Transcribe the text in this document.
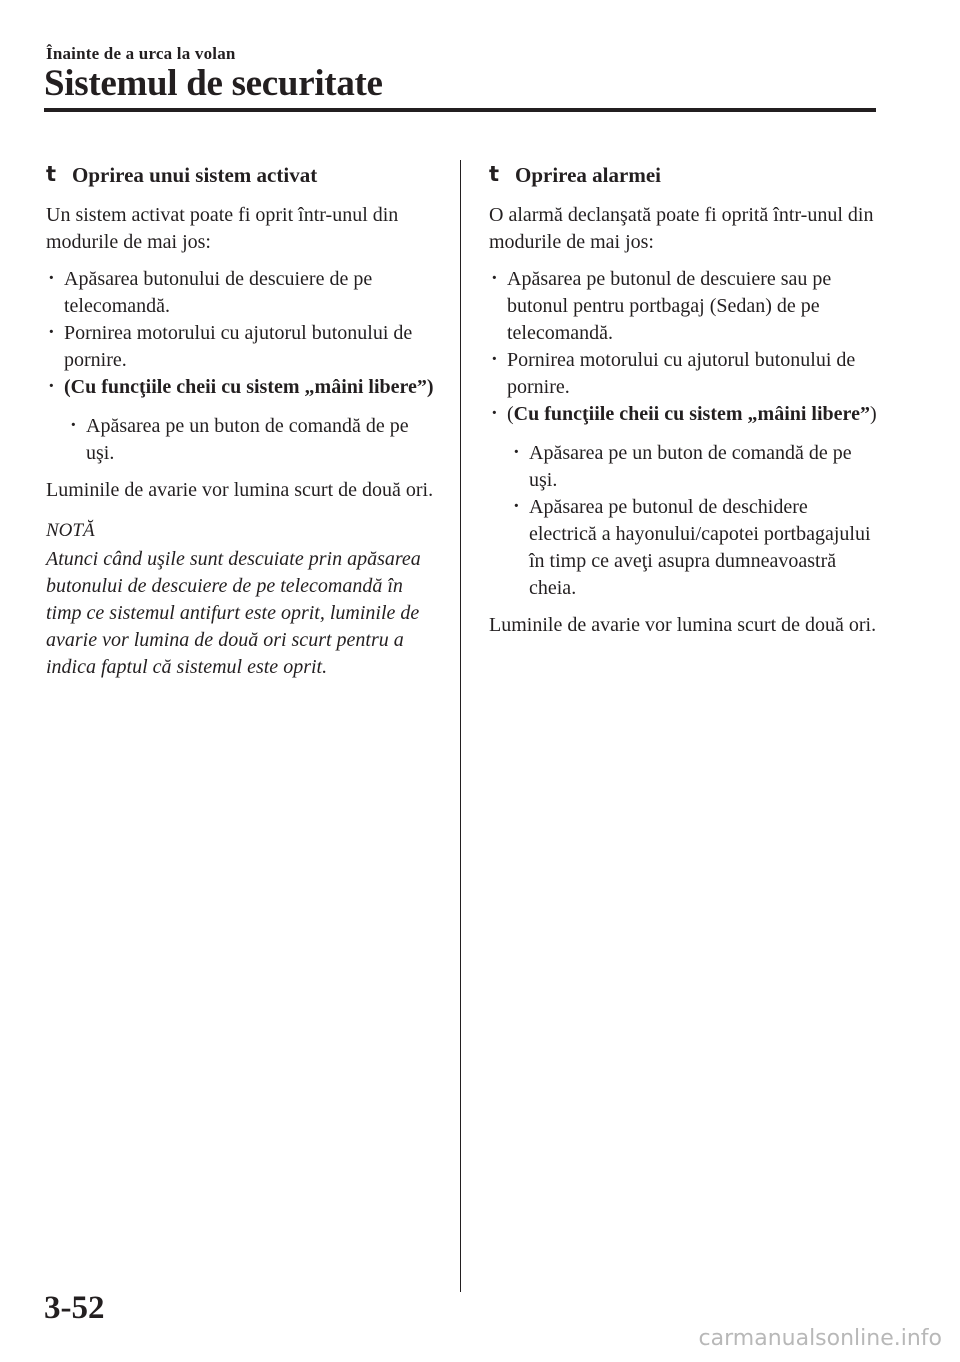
Înainte de a urca la volan
Sistemul de securitate
t Oprirea unui sistem activat

Un sistem activat poate fi oprit într-unul din modurile de mai jos:

· Apăsarea butonului de descuiere de pe telecomandă.
· Pornirea motorului cu ajutorul butonului de pornire.
· (Cu funcţiile cheii cu sistem „mâini libere”)
· Apăsarea pe un buton de comandă de pe uşi.

Luminile de avarie vor lumina scurt de două ori.

NOTĂ

Atunci când uşile sunt descuiate prin apăsarea butonului de descuiere de pe telecomandă în timp ce sistemul antifurt este oprit, luminile de avarie vor lumina de două ori scurt pentru a indica faptul că sistemul este oprit.

t Oprirea alarmei

O alarmă declanşată poate fi oprită într-unul din modurile de mai jos:

· Apăsarea pe butonul de descuiere sau pe butonul pentru portbagaj (Sedan) de pe telecomandă.
· Pornirea motorului cu ajutorul butonului de pornire.
· (Cu funcţiile cheii cu sistem „mâini libere”)
· Apăsarea pe un buton de comandă de pe uşi.
· Apăsarea pe butonul de deschidere electrică a hayonului/capotei portbagajului în timp ce aveţi asupra dumneavoastră cheia.

Luminile de avarie vor lumina scurt de două ori.

3-52
carmanualsonline.info
